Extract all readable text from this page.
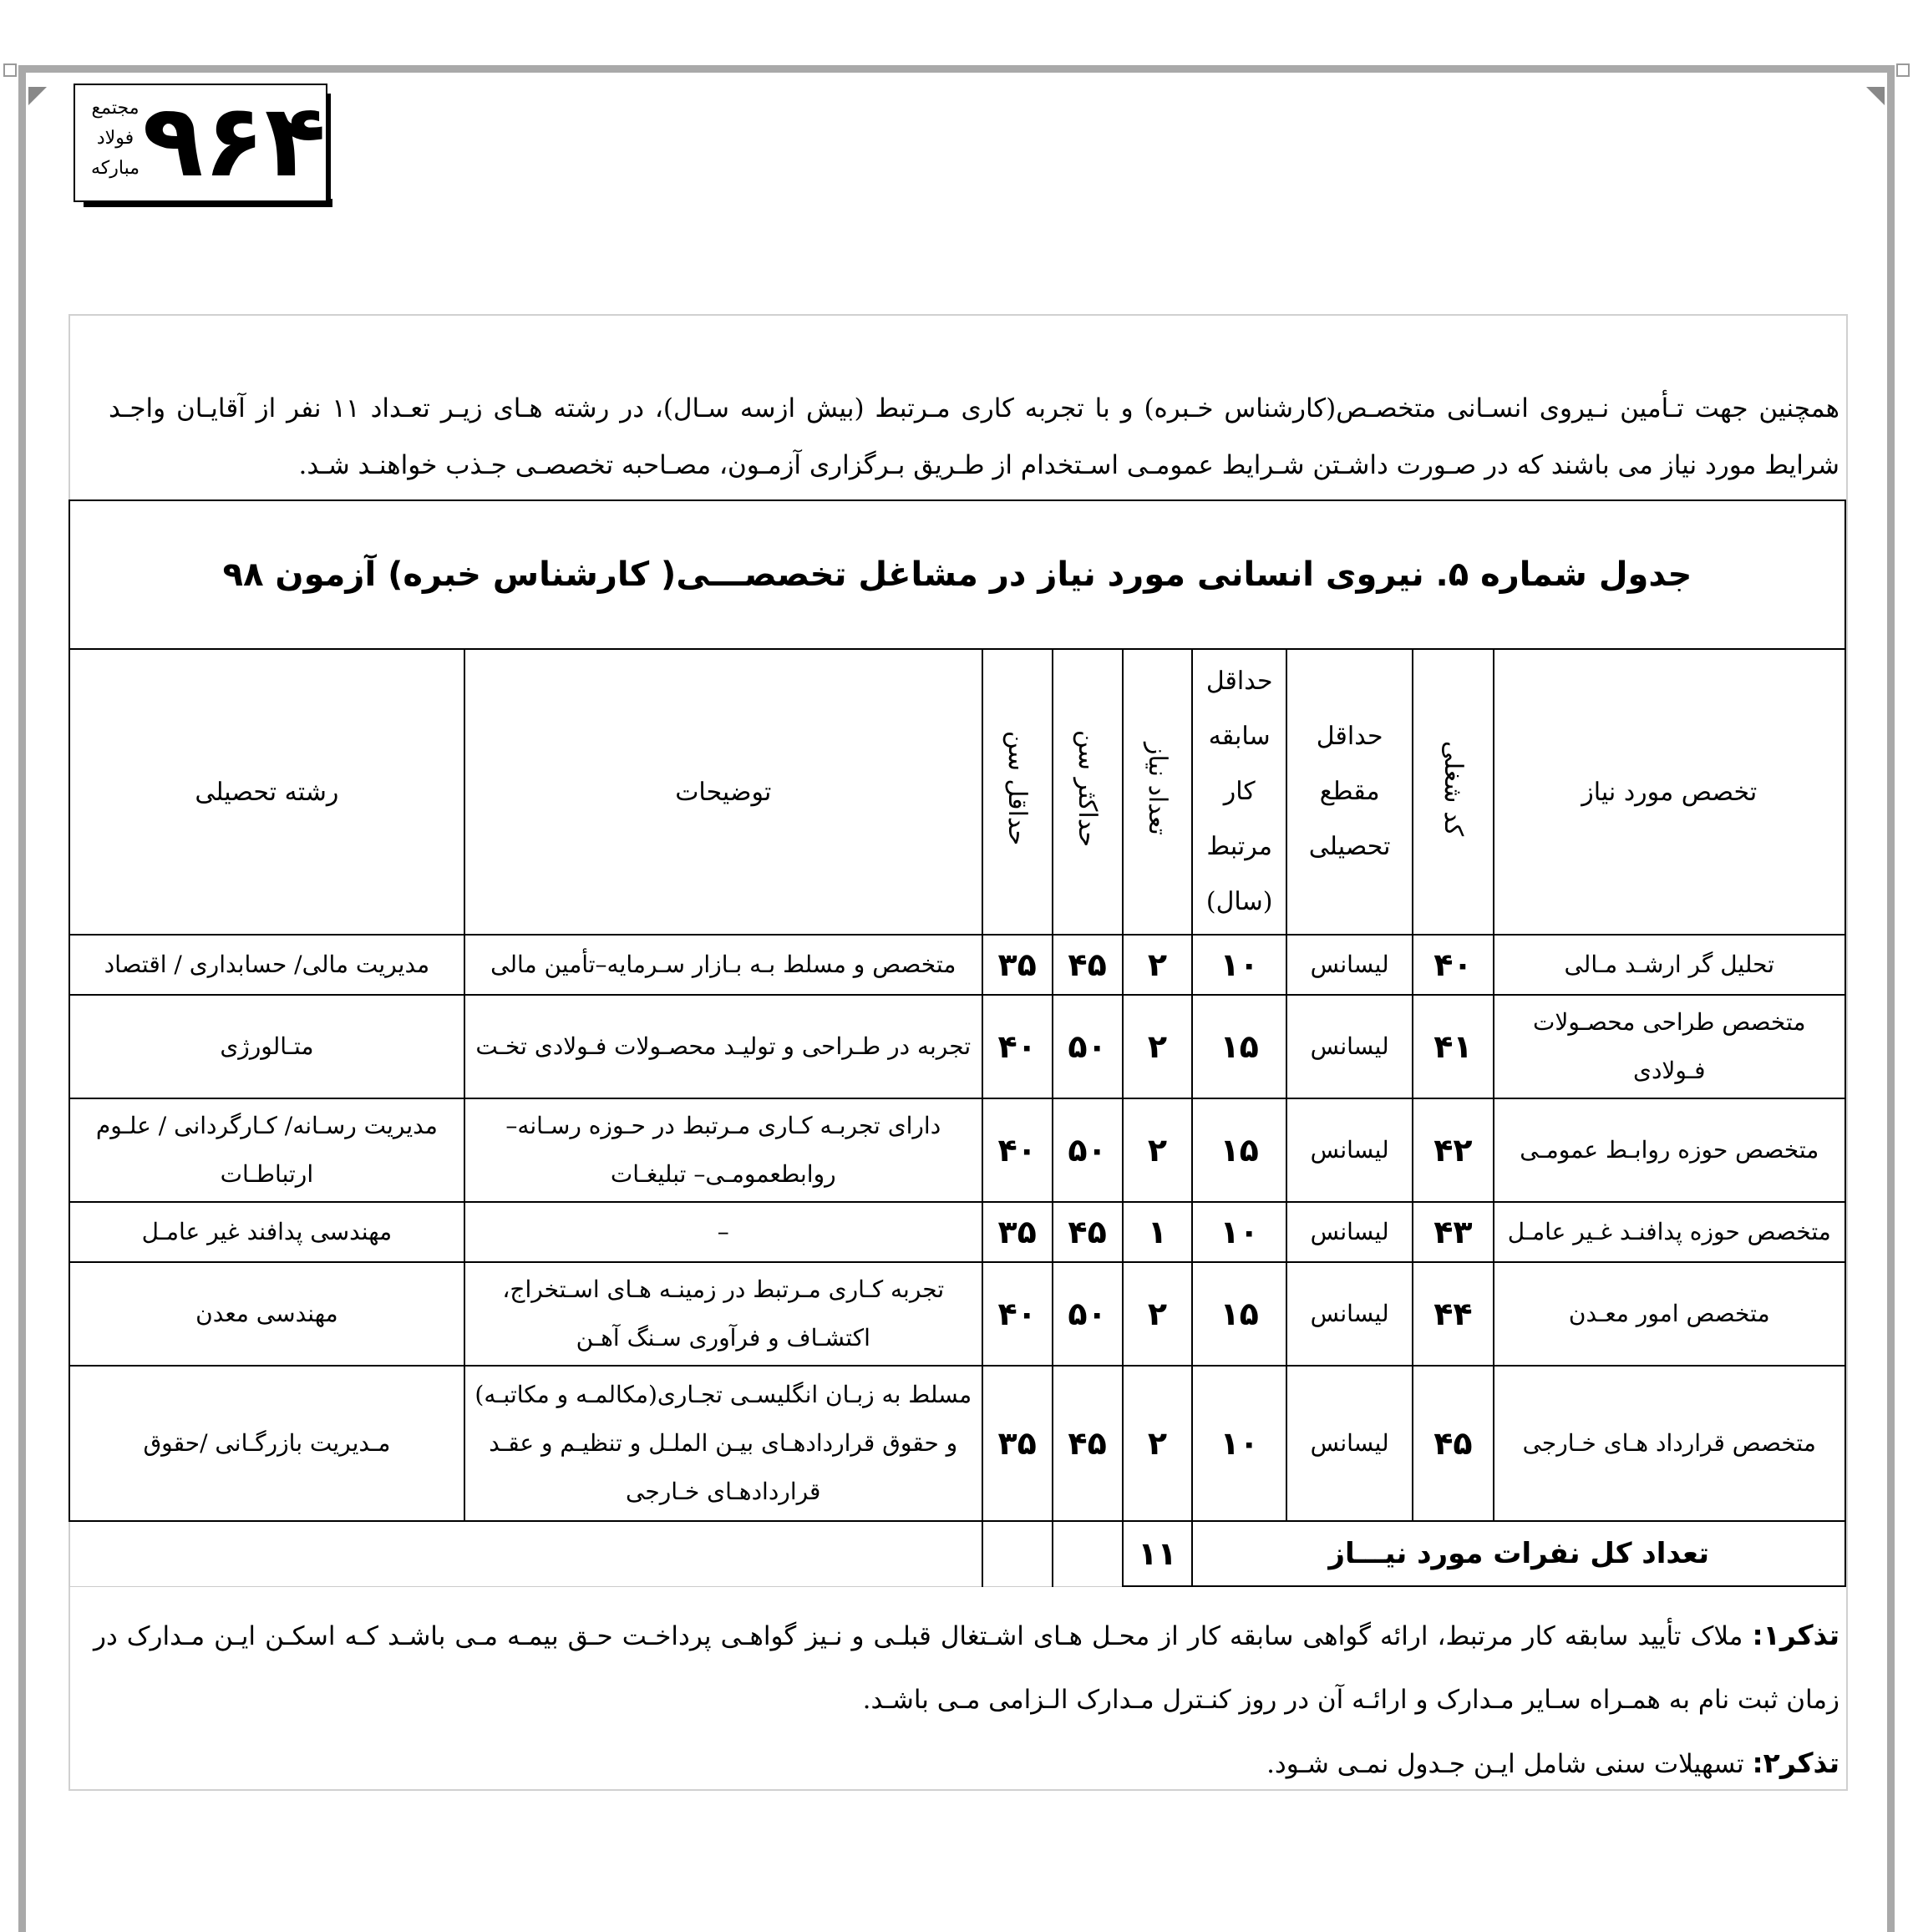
۹۶۴
مجتمع
فولاد
مبارکه
همچنین جهت تـأمین نـیروی انسـانی متخصـص(کارشناس خـبره) و با تجربه کاری مـرتبط (بیش ازسه سـال)، در رشته هـای زیـر تعـداد ۱۱ نفر از آقایـان واجـد شرایط مورد نیاز می باشند که در صـورت داشـتن شـرایط عمومـی اسـتخدام از طـریق بـرگزاری آزمـون، مصـاحبه تخصصـی جـذب خواهنـد شـد.
جدول شماره ۵. نیروی انسانی مورد نیاز در مشاغل تخصصـــی( کارشناس خبره) آزمون ۹۸								
تخصص مورد نیاز	کد شغلی	حداقل مقطع تحصیلی	حداقل سابقه کار مرتبط (سال)	تعداد نیاز	حداکثر سن	حداقل سن	توضیحات	رشته تحصیلی
تحلیل گر ارشـد مـالی	۴۰	لیسانس	۱۰	۲	۴۵	۳۵	متخصص و مسلط بـه بـازار سـرمایه–تأمین مالی	مدیریت مالی/ حسابداری / اقتصاد
متخصص طراحی محصـولات فـولادی	۴۱	لیسانس	۱۵	۲	۵۰	۴۰	تجربه در طـراحی و تولیـد محصـولات فـولادی تخـت	متـالورژی
متخصص حوزه روابـط عمومـی	۴۲	لیسانس	۱۵	۲	۵۰	۴۰	دارای تجربـه کـاری مـرتبط در حـوزه رسـانه– روابطعمومـی– تبلیغـات	مدیریت رسـانه/ کـارگردانی / علـوم ارتباطـات
متخصص حوزه پدافنـد غـیر عامـل	۴۳	لیسانس	۱۰	۱	۴۵	۳۵	–	مهندسی پدافند غیر عامـل
متخصص امور معـدن	۴۴	لیسانس	۱۵	۲	۵۰	۴۰	تجربه کـاری مـرتبط در زمینـه هـای اسـتخراج، اکتشـاف و فرآوری سـنگ آهـن	مهندسی معدن
متخصص قرارداد هـای خـارجی	۴۵	لیسانس	۱۰	۲	۴۵	۳۵	مسلط به زبـان انگلیسـی تجـاری(مکالمـه و مکاتبـه) و حقوق قراردادهـای بیـن الملـل و تنظیـم و عقـد قراردادهـای خـارجی	مـدیریت بازرگـانی /حقوق
تعداد کل نفرات مورد نیـــاز				۱۱				
تذکر۱: ملاک تأیید سابقه کار مرتبط، ارائه گواهی سابقه کار از محـل هـای اشـتغال قبلـی و نـیز گواهـی پرداخـت حـق بیمـه مـی باشـد کـه اسکـن ایـن مـدارک در زمان ثبت نام به همـراه سـایر مـدارک و ارائـه آن در روز کنـترل مـدارک الـزامی مـی باشـد.
تذکر۲: تسهیلات سنی شامل ایـن جـدول نمـی شـود.
